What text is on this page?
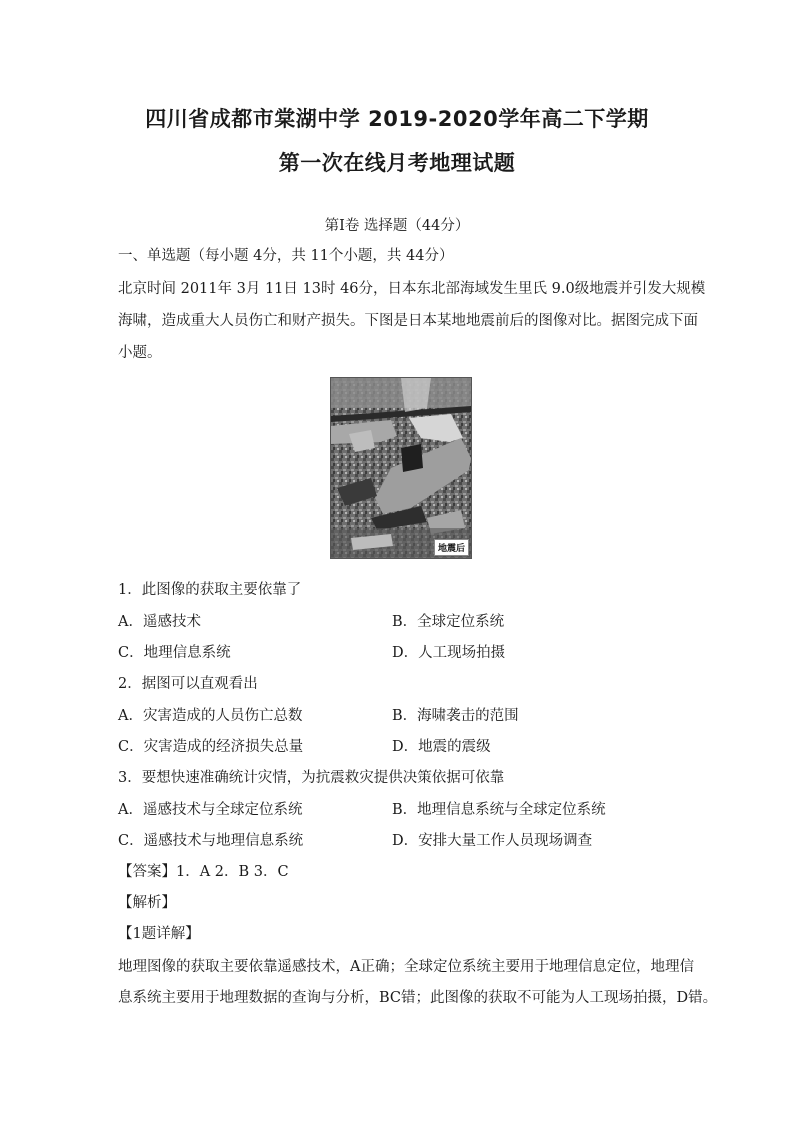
四川省成都市棠湖中学 2019-2020学年高二下学期
第一次在线月考地理试题
第Ⅰ卷 选择题（44分）
一、单选题（每小题 4分，共 11个小题，共 44分）
北京时间 2011年 3月 11日 13时 46分，日本东北部海域发生里氏 9.0级地震并引发大规模
海啸，造成重大人员伤亡和财产损失。下图是日本某地地震前后的图像对比。据图完成下面
小题。
地震后
1．此图像的获取主要依靠了
A．遥感技术	B．全球定位系统
C．地理信息系统	D．人工现场拍摄
2．据图可以直观看出
A．灾害造成的人员伤亡总数	B．海啸袭击的范围
C．灾害造成的经济损失总量	D．地震的震级
3．要想快速准确统计灾情，为抗震救灾提供决策依据可依靠
A．遥感技术与全球定位系统	B．地理信息系统与全球定位系统
C．遥感技术与地理信息系统	D．安排大量工作人员现场调查
【答案】1．A 2．B 3．C
【解析】
【1题详解】
地理图像的获取主要依靠遥感技术，A正确；全球定位系统主要用于地理信息定位，地理信
息系统主要用于地理数据的查询与分析，BC错；此图像的获取不可能为人工现场拍摄，D错。
